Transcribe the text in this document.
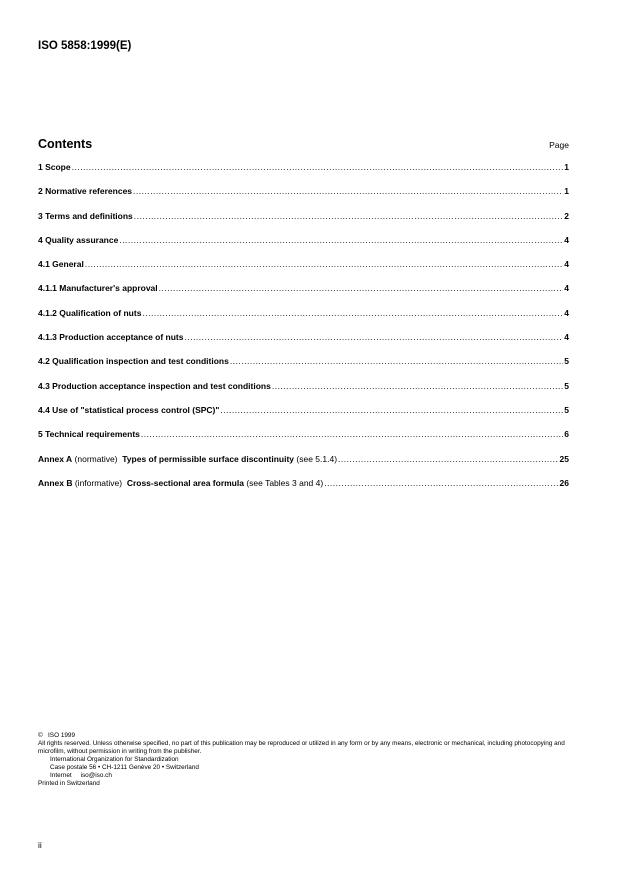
ISO 5858:1999(E)
Contents	Page
1 Scope .....	1
2 Normative references .....	1
3 Terms and definitions .....	2
4 Quality assurance .....	4
4.1 General .....	4
4.1.1 Manufacturer's approval .....	4
4.1.2 Qualification of nuts .....	4
4.1.3 Production acceptance of nuts .....	4
4.2 Qualification inspection and test conditions .....	5
4.3 Production acceptance inspection and test conditions .....	5
4.4 Use of "statistical process control (SPC)" .....	5
5 Technical requirements .....	6
Annex A (normative)  Types of permissible surface discontinuity (see 5.1.4) .....	25
Annex B (informative)  Cross-sectional area formula (see Tables 3 and 4) .....	26

©   ISO 1999

All rights reserved. Unless otherwise specified, no part of this publication may be reproduced or utilized in any form or by any means, electronic or mechanical, including photocopying and microfilm, without permission in writing from the publisher.

International Organization for Standardization

Case postale 56 • CH-1211 Genève 20 • Switzerland

Internet iso@iso.ch

Printed in Switzerland

ii
